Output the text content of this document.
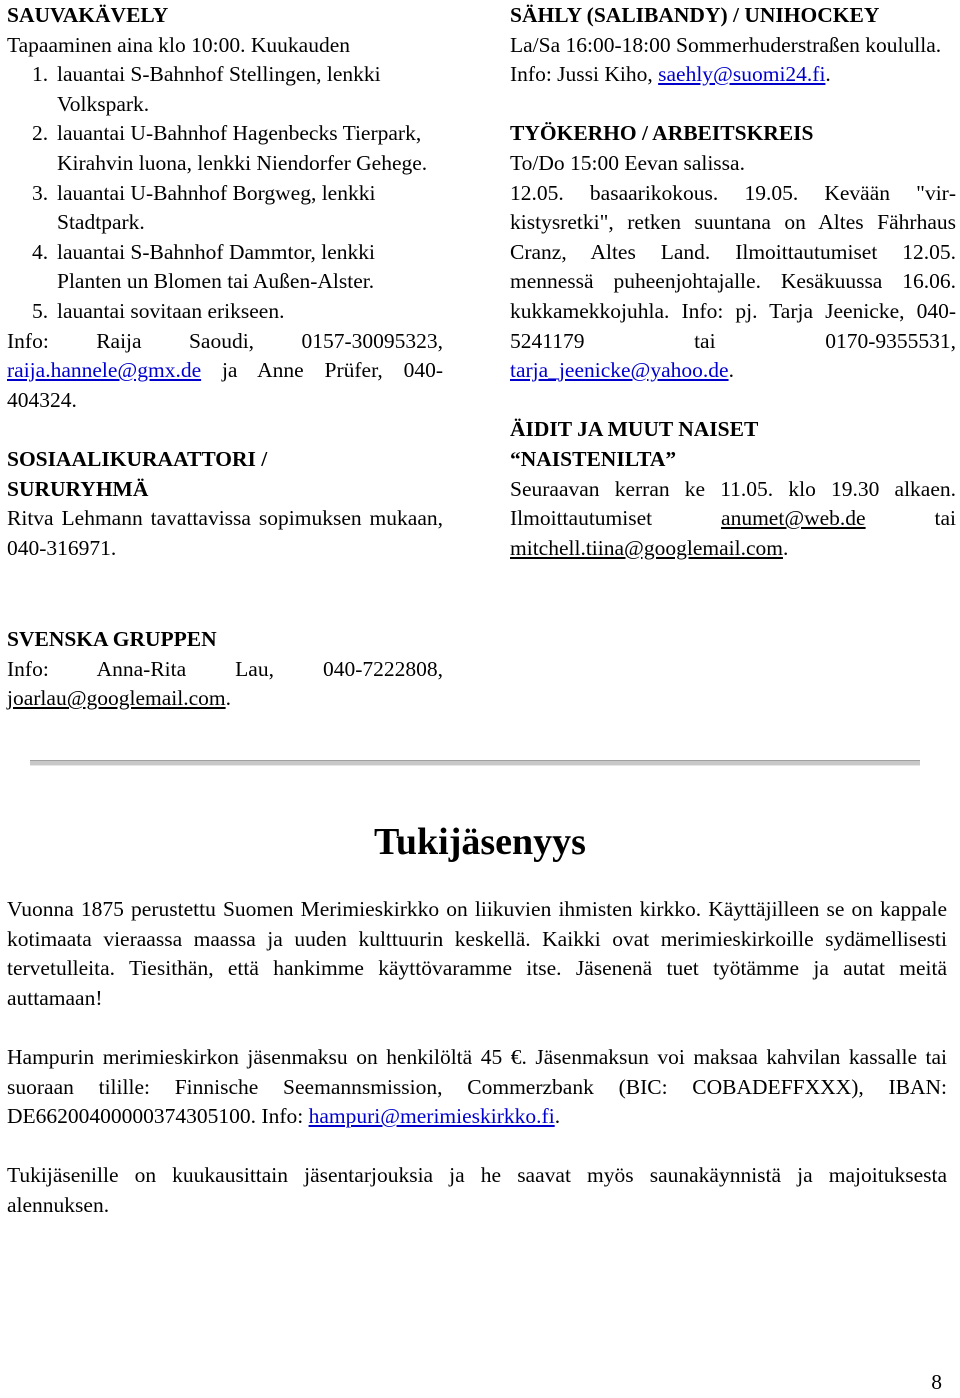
SAUVAKÄVELY

Tapaaminen aina klo 10:00. Kuukauden

1. lauantai S-Bahnhof Stellingen, lenkki Volkspark.
2. lauantai U-Bahnhof Hagenbecks Tierpark, Kirahvin luona, lenkki Niendorfer Gehege.
3. lauantai U-Bahnhof Borgweg, lenkki Stadtpark.
4. lauantai S-Bahnhof Dammtor, lenkki Planten un Blomen tai Außen-Alster.
5. lauantai sovitaan erikseen.

Info: Raija Saoudi, 0157-30095323, raija.hannele@gmx.de ja Anne Prüfer, 040-404324.

SOSIAALIKURAATTORI /

SURURYHMÄ

Ritva Lehmann tavattavissa sopimuksen mukaan, 040-316971.

SVENSKA GRUPPEN

Info: Anna-Rita Lau, 040-7222808,

joarlau@googlemail.com.

SÄHLY (SALIBANDY) / UNIHOCKEY

La/Sa 16:00-18:00 Sommerhuderstraßen koululla. Info: Jussi Kiho, saehly@suomi24.fi.

TYÖKERHO / ARBEITSKREIS

To/Do 15:00 Eevan salissa.

12.05. basaarikokous. 19.05. Kevään "virkistysretki", retken suuntana on Altes Fährhaus Cranz, Altes Land. Ilmoittautumiset 12.05. mennessä puheenjohtajalle. Kesäkuussa 16.06. kukkamekkojuhla. Info: pj. Tarja Jeenicke, 040-5241179 tai 0170-9355531, tarja_jeenicke@yahoo.de.

ÄIDIT JA MUUT NAISET

“NAISTENILTA”

Seuraavan kerran ke 11.05. klo 19.30 alkaen. Ilmoittautumiset anumet@web.de tai mitchell.tiina@googlemail.com.

Tukijäsenyys

Vuonna 1875 perustettu Suomen Merimieskirkko on liikuvien ihmisten kirkko. Käyttäjilleen se on kappale kotimaata vieraassa maassa ja uuden kulttuurin keskellä. Kaikki ovat merimieskirkoille sydämellisesti tervetulleita. Tiesithän, että hankimme käyttövaramme itse. Jäsenenä tuet työtämme ja autat meitä auttamaan!

Hampurin merimieskirkon jäsenmaksu on henkilöltä 45 €. Jäsenmaksun voi maksaa kahvilan kassalle tai suoraan tilille: Finnische Seemannsmission, Commerzbank (BIC: COBADEFFXXX), IBAN: DE66200400000374305100. Info: hampuri@merimieskirkko.fi.

Tukijäsenille on kuukausittain jäsentarjouksia ja he saavat myös saunakäynnistä ja majoituksesta alennuksen.

8
